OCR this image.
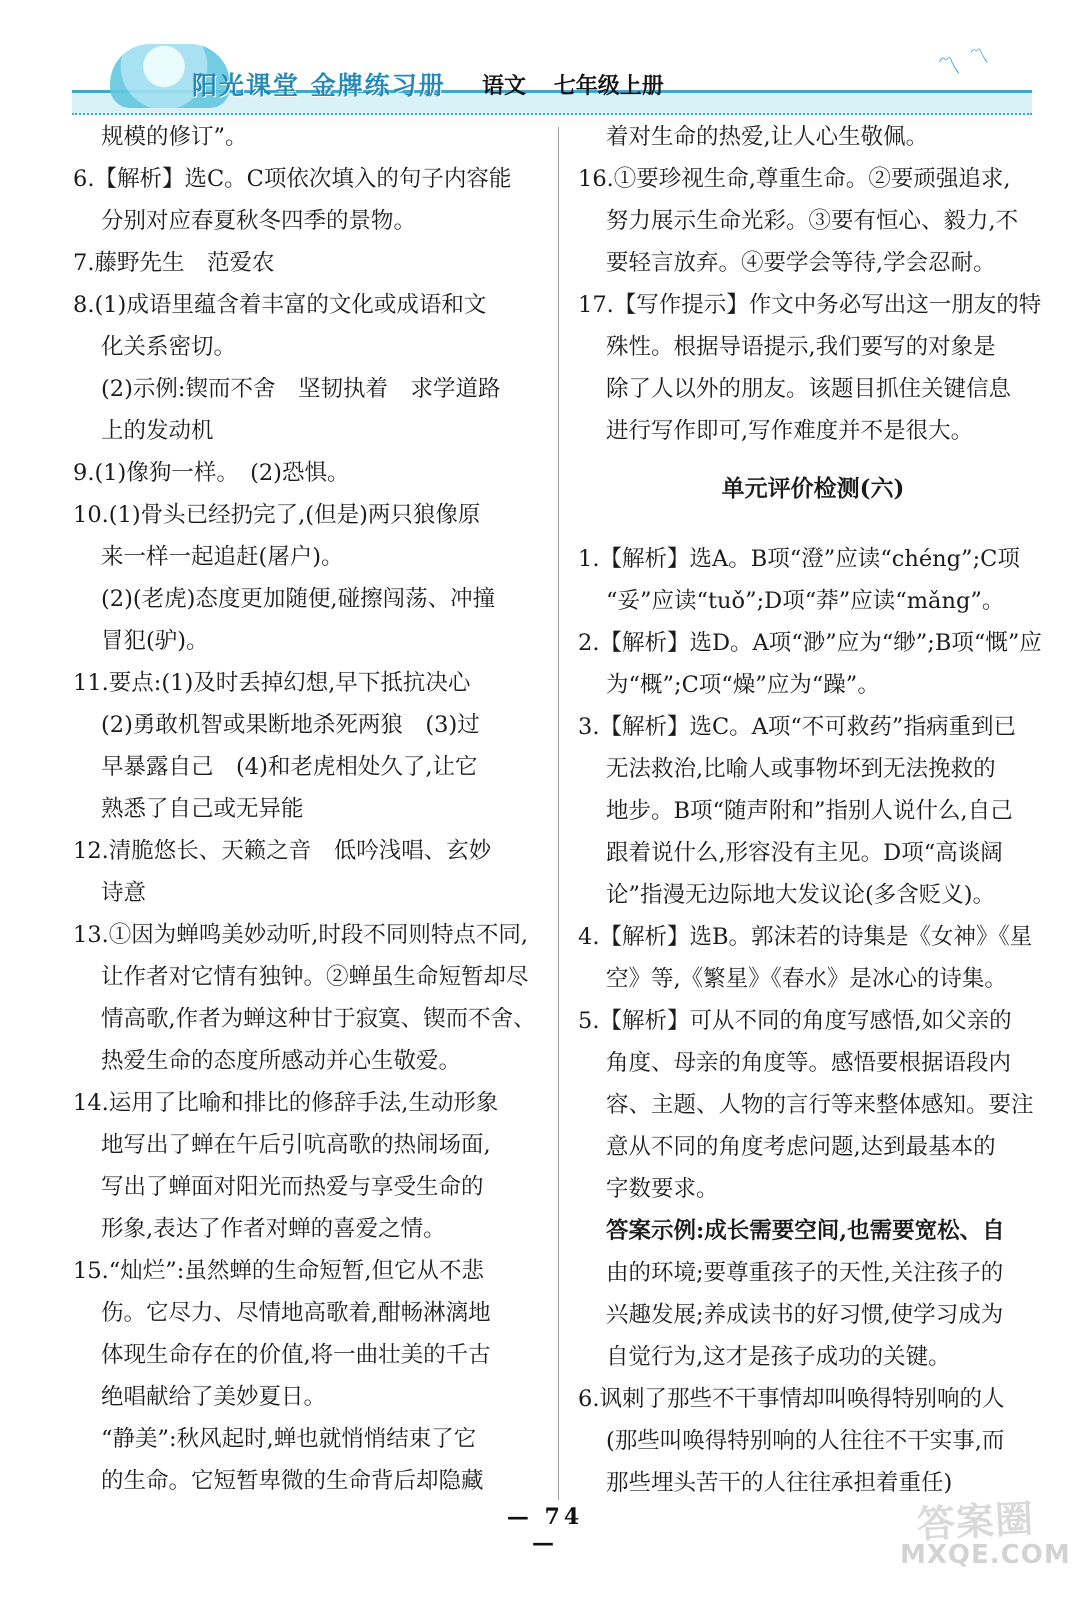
阳光课堂 金牌练习册 语文 七年级上册
〽 〽

规模的修订”。

6.【解析】选C。C项依次填入的句子内容能

分别对应春夏秋冬四季的景物。

7.藤野先生　范爱农

8.(1)成语里蕴含着丰富的文化或成语和文

化关系密切。

(2)示例:锲而不舍　坚韧执着　求学道路

上的发动机

9.(1)像狗一样。　(2)恐惧。

10.(1)骨头已经扔完了,(但是)两只狼像原

来一样一起追赶(屠户)。

(2)(老虎)态度更加随便,碰擦闯荡、冲撞

冒犯(驴)。

11.要点:(1)及时丢掉幻想,早下抵抗决心

(2)勇敢机智或果断地杀死两狼　(3)过

早暴露自己　(4)和老虎相处久了,让它

熟悉了自己或无异能

12.清脆悠长、天籁之音　低吟浅唱、玄妙

诗意

13.①因为蝉鸣美妙动听,时段不同则特点不同,

让作者对它情有独钟。②蝉虽生命短暂却尽

情高歌,作者为蝉这种甘于寂寞、锲而不舍、

热爱生命的态度所感动并心生敬爱。

14.运用了比喻和排比的修辞手法,生动形象

地写出了蝉在午后引吭高歌的热闹场面,

写出了蝉面对阳光而热爱与享受生命的

形象,表达了作者对蝉的喜爱之情。

15.“灿烂”:虽然蝉的生命短暂,但它从不悲

伤。它尽力、尽情地高歌着,酣畅淋漓地

体现生命存在的价值,将一曲壮美的千古

绝唱献给了美妙夏日。

“静美”:秋风起时,蝉也就悄悄结束了它

的生命。它短暂卑微的生命背后却隐藏

着对生命的热爱,让人心生敬佩。

16.①要珍视生命,尊重生命。②要顽强追求,

努力展示生命光彩。③要有恒心、毅力,不

要轻言放弃。④要学会等待,学会忍耐。

17.【写作提示】作文中务必写出这一朋友的特

殊性。根据导语提示,我们要写的对象是

除了人以外的朋友。该题目抓住关键信息

进行写作即可,写作难度并不是很大。

单元评价检测(六)

1.【解析】选A。B项“澄”应读“chéng”;C项

“妥”应读“tuǒ”;D项“莽”应读“mǎng”。

2.【解析】选D。A项“渺”应为“缈”;B项“慨”应

为“概”;C项“燥”应为“躁”。

3.【解析】选C。A项“不可救药”指病重到已

无法救治,比喻人或事物坏到无法挽救的

地步。B项“随声附和”指别人说什么,自己

跟着说什么,形容没有主见。D项“高谈阔

论”指漫无边际地大发议论(多含贬义)。

4.【解析】选B。郭沫若的诗集是《女神》《星

空》等,《繁星》《春水》是冰心的诗集。

5.【解析】可从不同的角度写感悟,如父亲的

角度、母亲的角度等。感悟要根据语段内

容、主题、人物的言行等来整体感知。要注

意从不同的角度考虑问题,达到最基本的

字数要求。

答案示例:成长需要空间,也需要宽松、自

由的环境;要尊重孩子的天性,关注孩子的

兴趣发展;养成读书的好习惯,使学习成为

自觉行为,这才是孩子成功的关键。

6.讽刺了那些不干事情却叫唤得特别响的人

(那些叫唤得特别响的人往往不干实事,而

那些埋头苦干的人往往承担着重任)

— 74 —	答案圈
MXQE.COM
